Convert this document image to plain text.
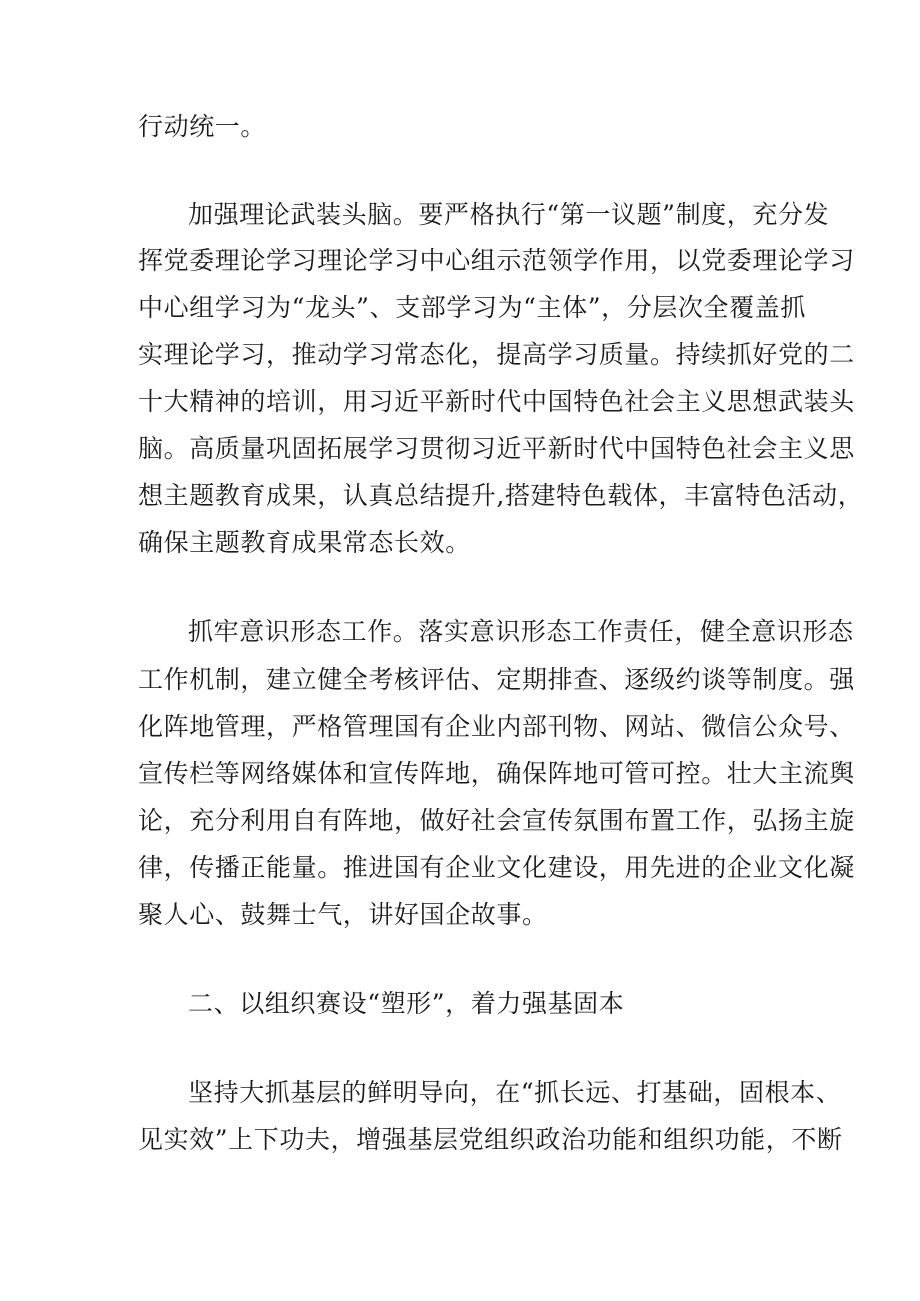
行动统一。
加强理论武装头脑。要严格执行“第一议题”制度，充分发
挥党委理论学习理论学习中心组示范领学作用，以党委理论学习
中心组学习为“龙头”、支部学习为“主体”，分层次全覆盖抓
实理论学习，推动学习常态化，提高学习质量。持续抓好党的二
十大精神的培训，用习近平新时代中国特色社会主义思想武装头
脑。高质量巩固拓展学习贯彻习近平新时代中国特色社会主义思
想主题教育成果，认真总结提升,搭建特色载体，丰富特色活动，
确保主题教育成果常态长效。
抓牢意识形态工作。落实意识形态工作责任，健全意识形态
工作机制，建立健全考核评估、定期排查、逐级约谈等制度。强
化阵地管理，严格管理国有企业内部刊物、网站、微信公众号、
宣传栏等网络媒体和宣传阵地，确保阵地可管可控。壮大主流舆
论，充分利用自有阵地，做好社会宣传氛围布置工作，弘扬主旋
律，传播正能量。推进国有企业文化建设，用先进的企业文化凝
聚人心、鼓舞士气，讲好国企故事。
二、以组织赛设“塑形”，着力强基固本
坚持大抓基层的鲜明导向，在“抓长远、打基础，固根本、
见实效”上下功夫，增强基层党组织政治功能和组织功能，不断
